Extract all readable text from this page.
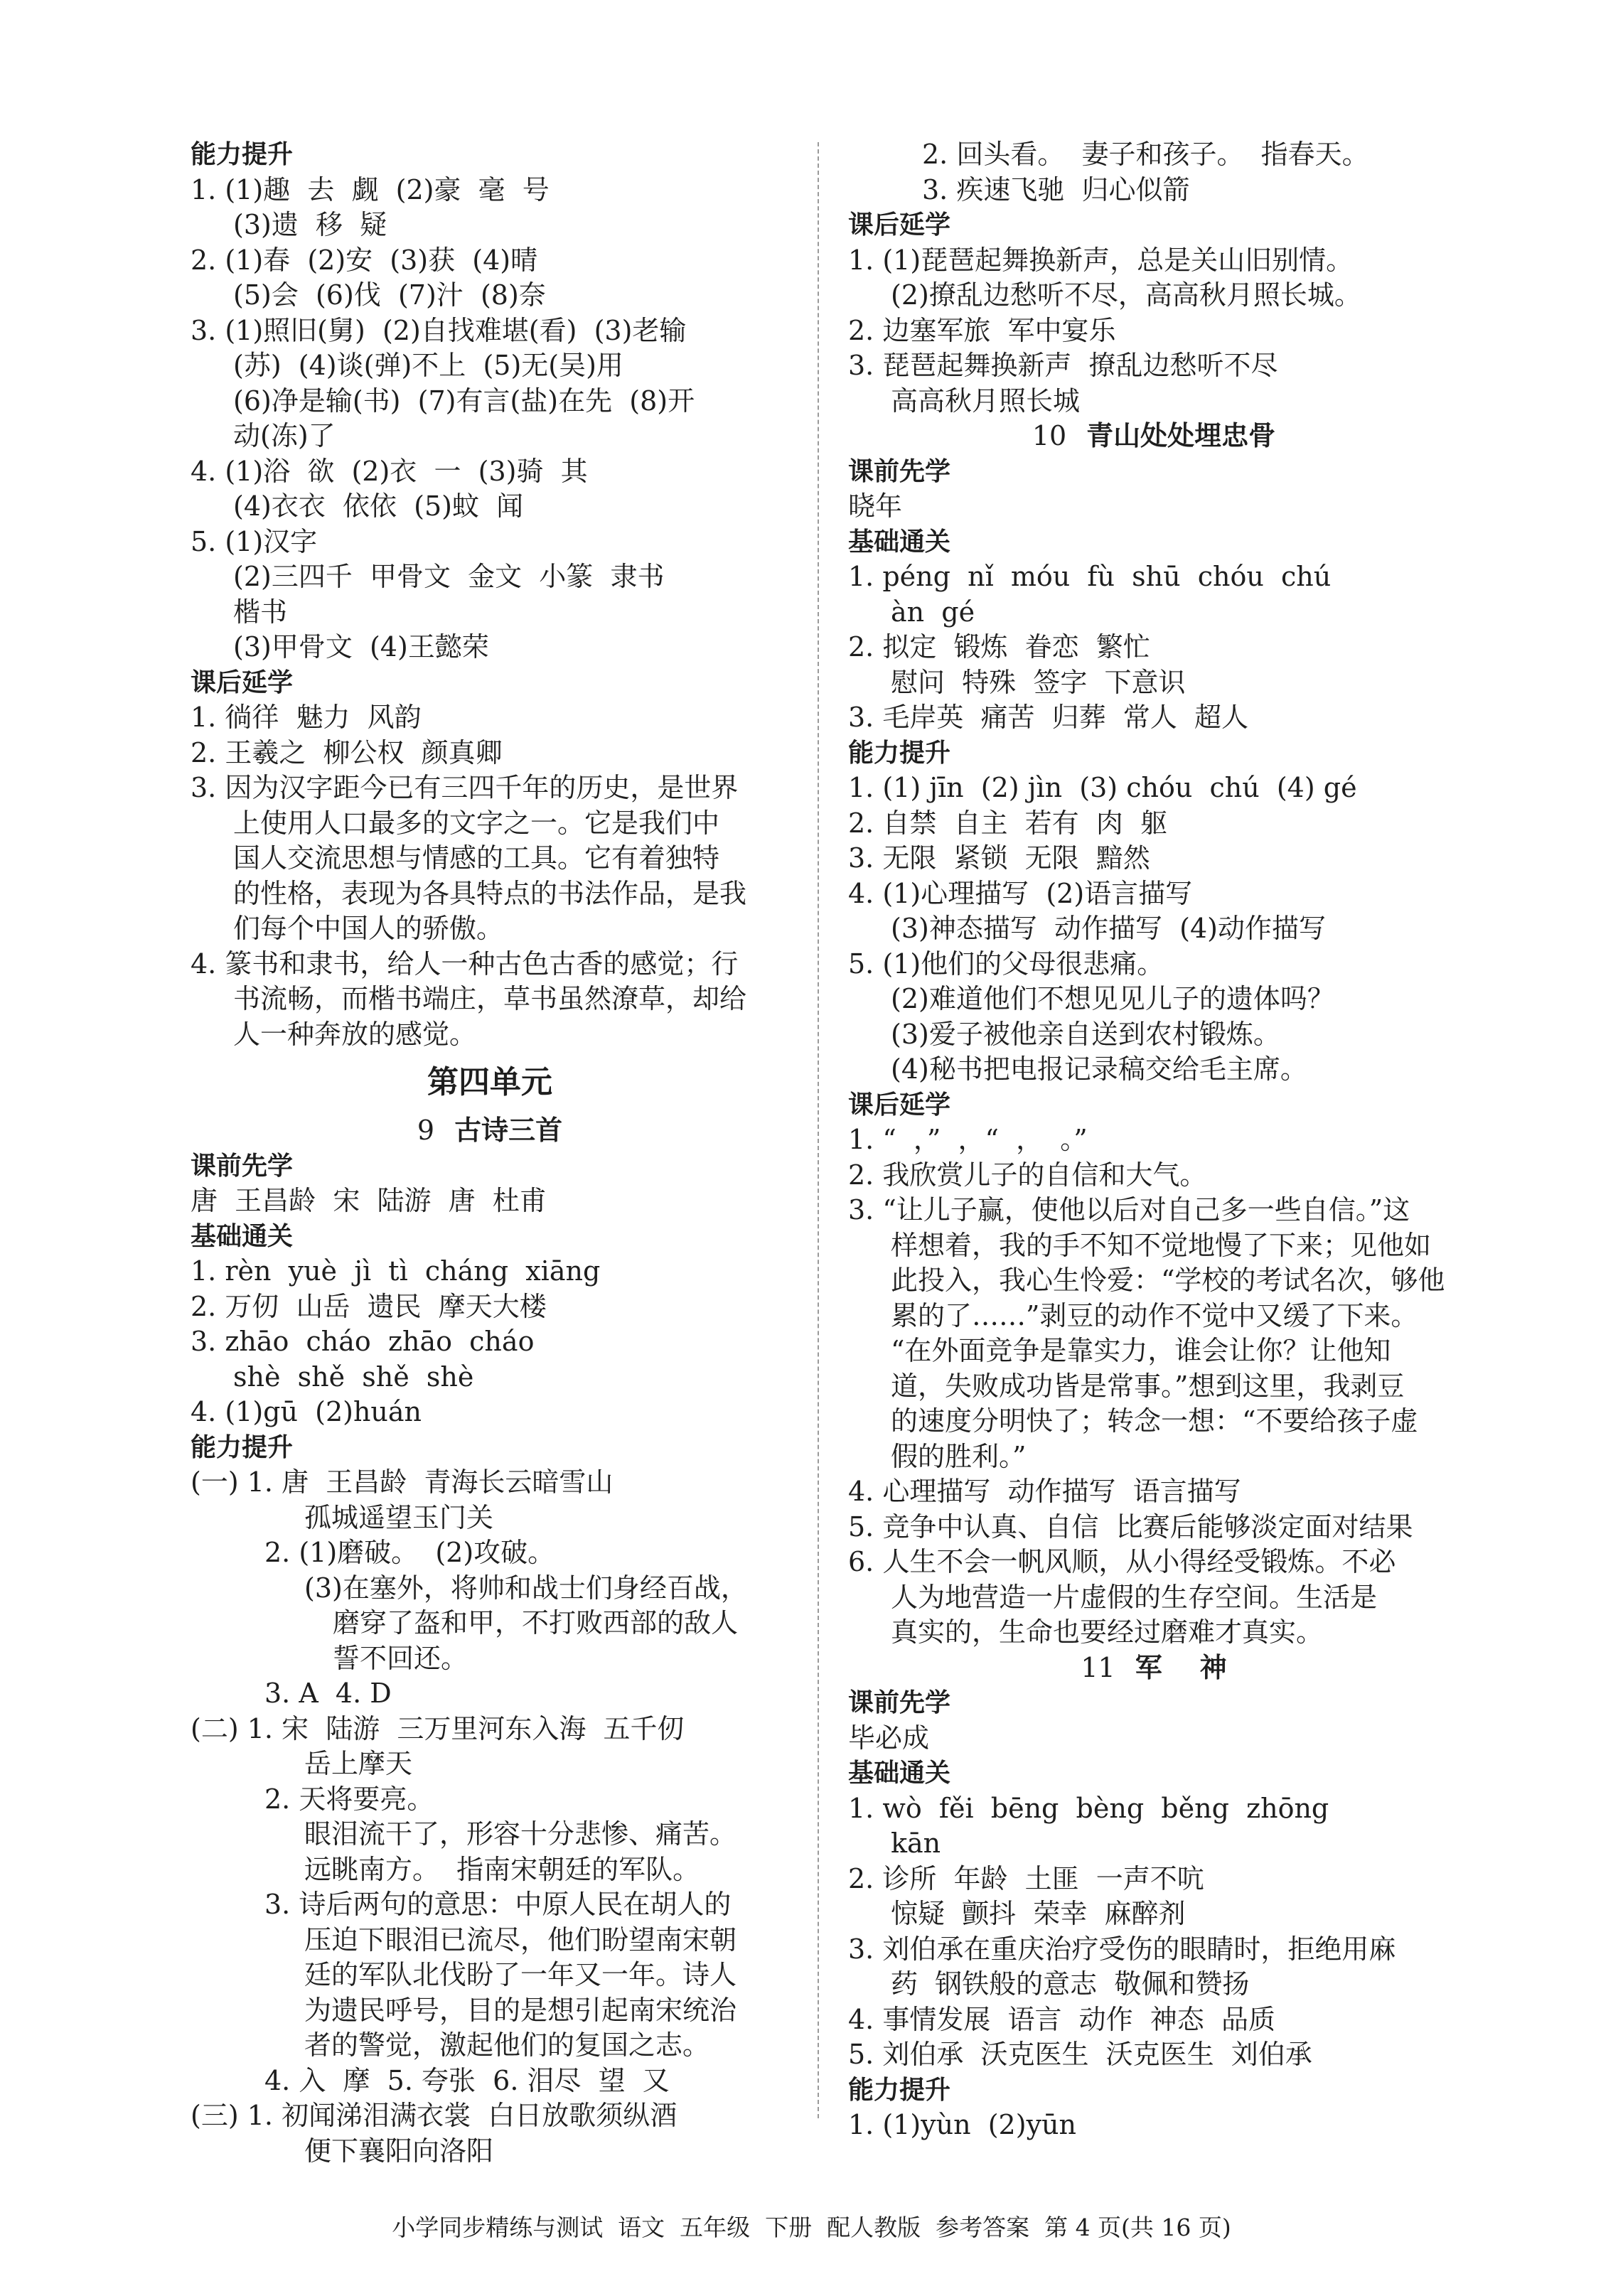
能力提升
1. (1)趣  去  觑  (2)豪  毫  号
(3)遗  移  疑
2. (1)春  (2)安  (3)获  (4)晴
(5)会  (6)伐  (7)汁  (8)奈
3. (1)照旧(舅)  (2)自找难堪(看)  (3)老输
(苏)  (4)谈(弹)不上  (5)无(吴)用
(6)净是输(书)  (7)有言(盐)在先  (8)开
动(冻)了
4. (1)浴  欲  (2)衣  一  (3)骑  其
(4)衣衣  依依  (5)蚊  闻
5. (1)汉字
(2)三四千  甲骨文  金文  小篆  隶书
楷书
(3)甲骨文  (4)王懿荣
课后延学
1. 徜徉  魅力  风韵
2. 王羲之  柳公权  颜真卿
3. 因为汉字距今已有三四千年的历史，是世界
上使用人口最多的文字之一。它是我们中
国人交流思想与情感的工具。它有着独特
的性格，表现为各具特点的书法作品，是我
们每个中国人的骄傲。
4. 篆书和隶书，给人一种古色古香的感觉；行
书流畅，而楷书端庄，草书虽然潦草，却给
人一种奔放的感觉。
第四单元
9 古诗三首
课前先学
唐  王昌龄  宋  陆游  唐  杜甫
基础通关
1. rèn  yuè  jì  tì  cháng  xiāng
2. 万仞  山岳  遗民  摩天大楼
3. zhāo  cháo  zhāo  cháo
shè  shě  shě  shè
4. (1)gū  (2)huán
能力提升
(一) 1. 唐  王昌龄  青海长云暗雪山
孤城遥望玉门关
2. (1)磨破。  (2)攻破。
(3)在塞外，将帅和战士们身经百战，
磨穿了盔和甲，不打败西部的敌人
誓不回还。
3. A  4. D
(二) 1. 宋  陆游  三万里河东入海  五千仞
岳上摩天
2. 天将要亮。
眼泪流干了，形容十分悲惨、痛苦。
远眺南方。  指南宋朝廷的军队。
3. 诗后两句的意思：中原人民在胡人的
压迫下眼泪已流尽，他们盼望南宋朝
廷的军队北伐盼了一年又一年。诗人
为遗民呼号，目的是想引起南宋统治
者的警觉，激起他们的复国之志。
4. 入  摩  5. 夸张  6. 泪尽  望  又
(三) 1. 初闻涕泪满衣裳  白日放歌须纵酒
便下襄阳向洛阳
2. 回头看。  妻子和孩子。  指春天。
3. 疾速飞驰  归心似箭
课后延学
1. (1)琵琶起舞换新声，总是关山旧别情。
(2)撩乱边愁听不尽，高高秋月照长城。
2. 边塞军旅  军中宴乐
3. 琵琶起舞换新声  撩乱边愁听不尽
高高秋月照长城
10 青山处处埋忠骨
课前先学
晓年
基础通关
1. péng  nǐ  móu  fù  shū  chóu  chú
àn  gé
2. 拟定  锻炼  眷恋  繁忙
慰问  特殊  签字  下意识
3. 毛岸英  痛苦  归葬  常人  超人
能力提升
1. (1) jīn  (2) jìn  (3) chóu  chú  (4) gé
2. 自禁  自主  若有  肉  躯
3. 无限  紧锁  无限  黯然
4. (1)心理描写  (2)语言描写
(3)神态描写  动作描写  (4)动作描写
5. (1)他们的父母很悲痛。
(2)难道他们不想见见儿子的遗体吗？
(3)爱子被他亲自送到农村锻炼。
(4)秘书把电报记录稿交给毛主席。
课后延学
1. “  ，”  ，“  ，  。”
2. 我欣赏儿子的自信和大气。
3. “让儿子赢，使他以后对自己多一些自信。”这
样想着，我的手不知不觉地慢了下来；见他如
此投入，我心生怜爱：“学校的考试名次，够他
累的了……”剥豆的动作不觉中又缓了下来。
“在外面竞争是靠实力，谁会让你？让他知
道，失败成功皆是常事。”想到这里，我剥豆
的速度分明快了；转念一想：“不要给孩子虚
假的胜利。”
4. 心理描写  动作描写  语言描写
5. 竞争中认真、自信  比赛后能够淡定面对结果
6. 人生不会一帆风顺，从小得经受锻炼。不必
人为地营造一片虚假的生存空间。生活是
真实的，生命也要经过磨难才真实。
11 军    神
课前先学
毕必成
基础通关
1. wò  fěi  bēng  bèng  běng  zhōng
kān
2. 诊所  年龄  土匪  一声不吭
惊疑  颤抖  荣幸  麻醉剂
3. 刘伯承在重庆治疗受伤的眼睛时，拒绝用麻
药  钢铁般的意志  敬佩和赞扬
4. 事情发展  语言  动作  神态  品质
5. 刘伯承  沃克医生  沃克医生  刘伯承
能力提升
1. (1)yùn  (2)yūn
小学同步精练与测试  语文  五年级  下册  配人教版  参考答案  第 4 页(共 16 页)
